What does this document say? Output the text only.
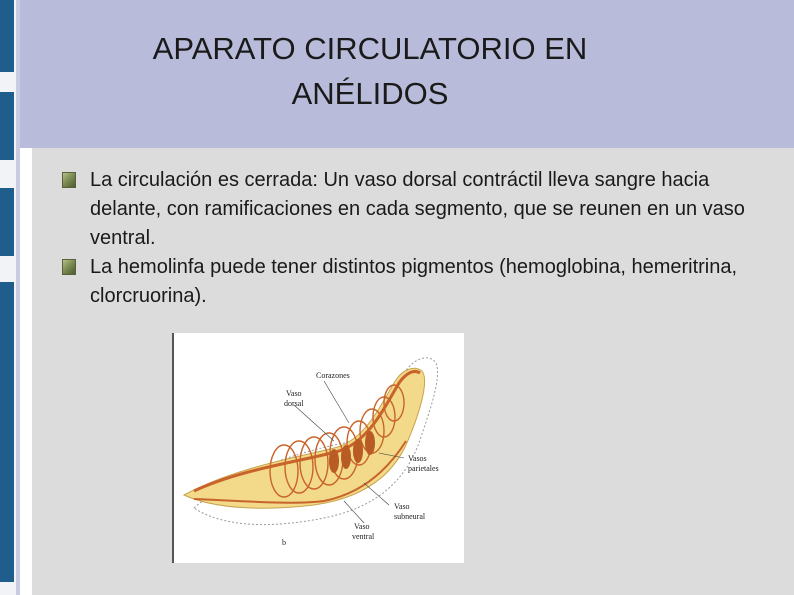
APARATO CIRCULATORIO EN
ANÉLIDOS
La circulación es cerrada: Un vaso dorsal contráctil lleva sangre hacia delante, con ramificaciones en cada segmento, que se reunen en un vaso ventral.
La hemolinfa puede tener distintos pigmentos (hemoglobina, hemeritrina, clorcruorina).
Corazones
Vaso
dorsal
Vasos
parietales
Vaso
subneural
Vaso
ventral
b
